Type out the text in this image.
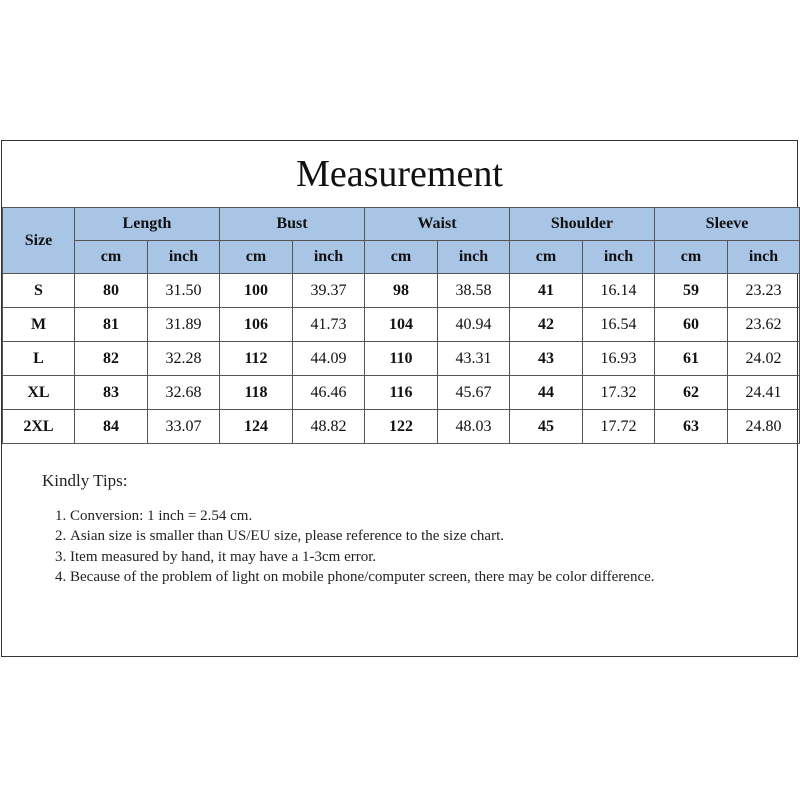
Measurement
Size	Length		Bust		Waist		Shoulder		Sleeve	
	cm	inch	cm	inch	cm	inch	cm	inch	cm	inch
S	80	31.50	100	39.37	98	38.58	41	16.14	59	23.23
M	81	31.89	106	41.73	104	40.94	42	16.54	60	23.62
L	82	32.28	112	44.09	110	43.31	43	16.93	61	24.02
XL	83	32.68	118	46.46	116	45.67	44	17.32	62	24.41
2XL	84	33.07	124	48.82	122	48.03	45	17.72	63	24.80
Kindly Tips:
1. Conversion: 1 inch = 2.54 cm.
2. Asian size is smaller than US/EU size, please reference to the size chart.
3. Item measured by hand, it may have a 1-3cm error.
4. Because of the problem of light on mobile phone/computer screen, there may be color difference.
